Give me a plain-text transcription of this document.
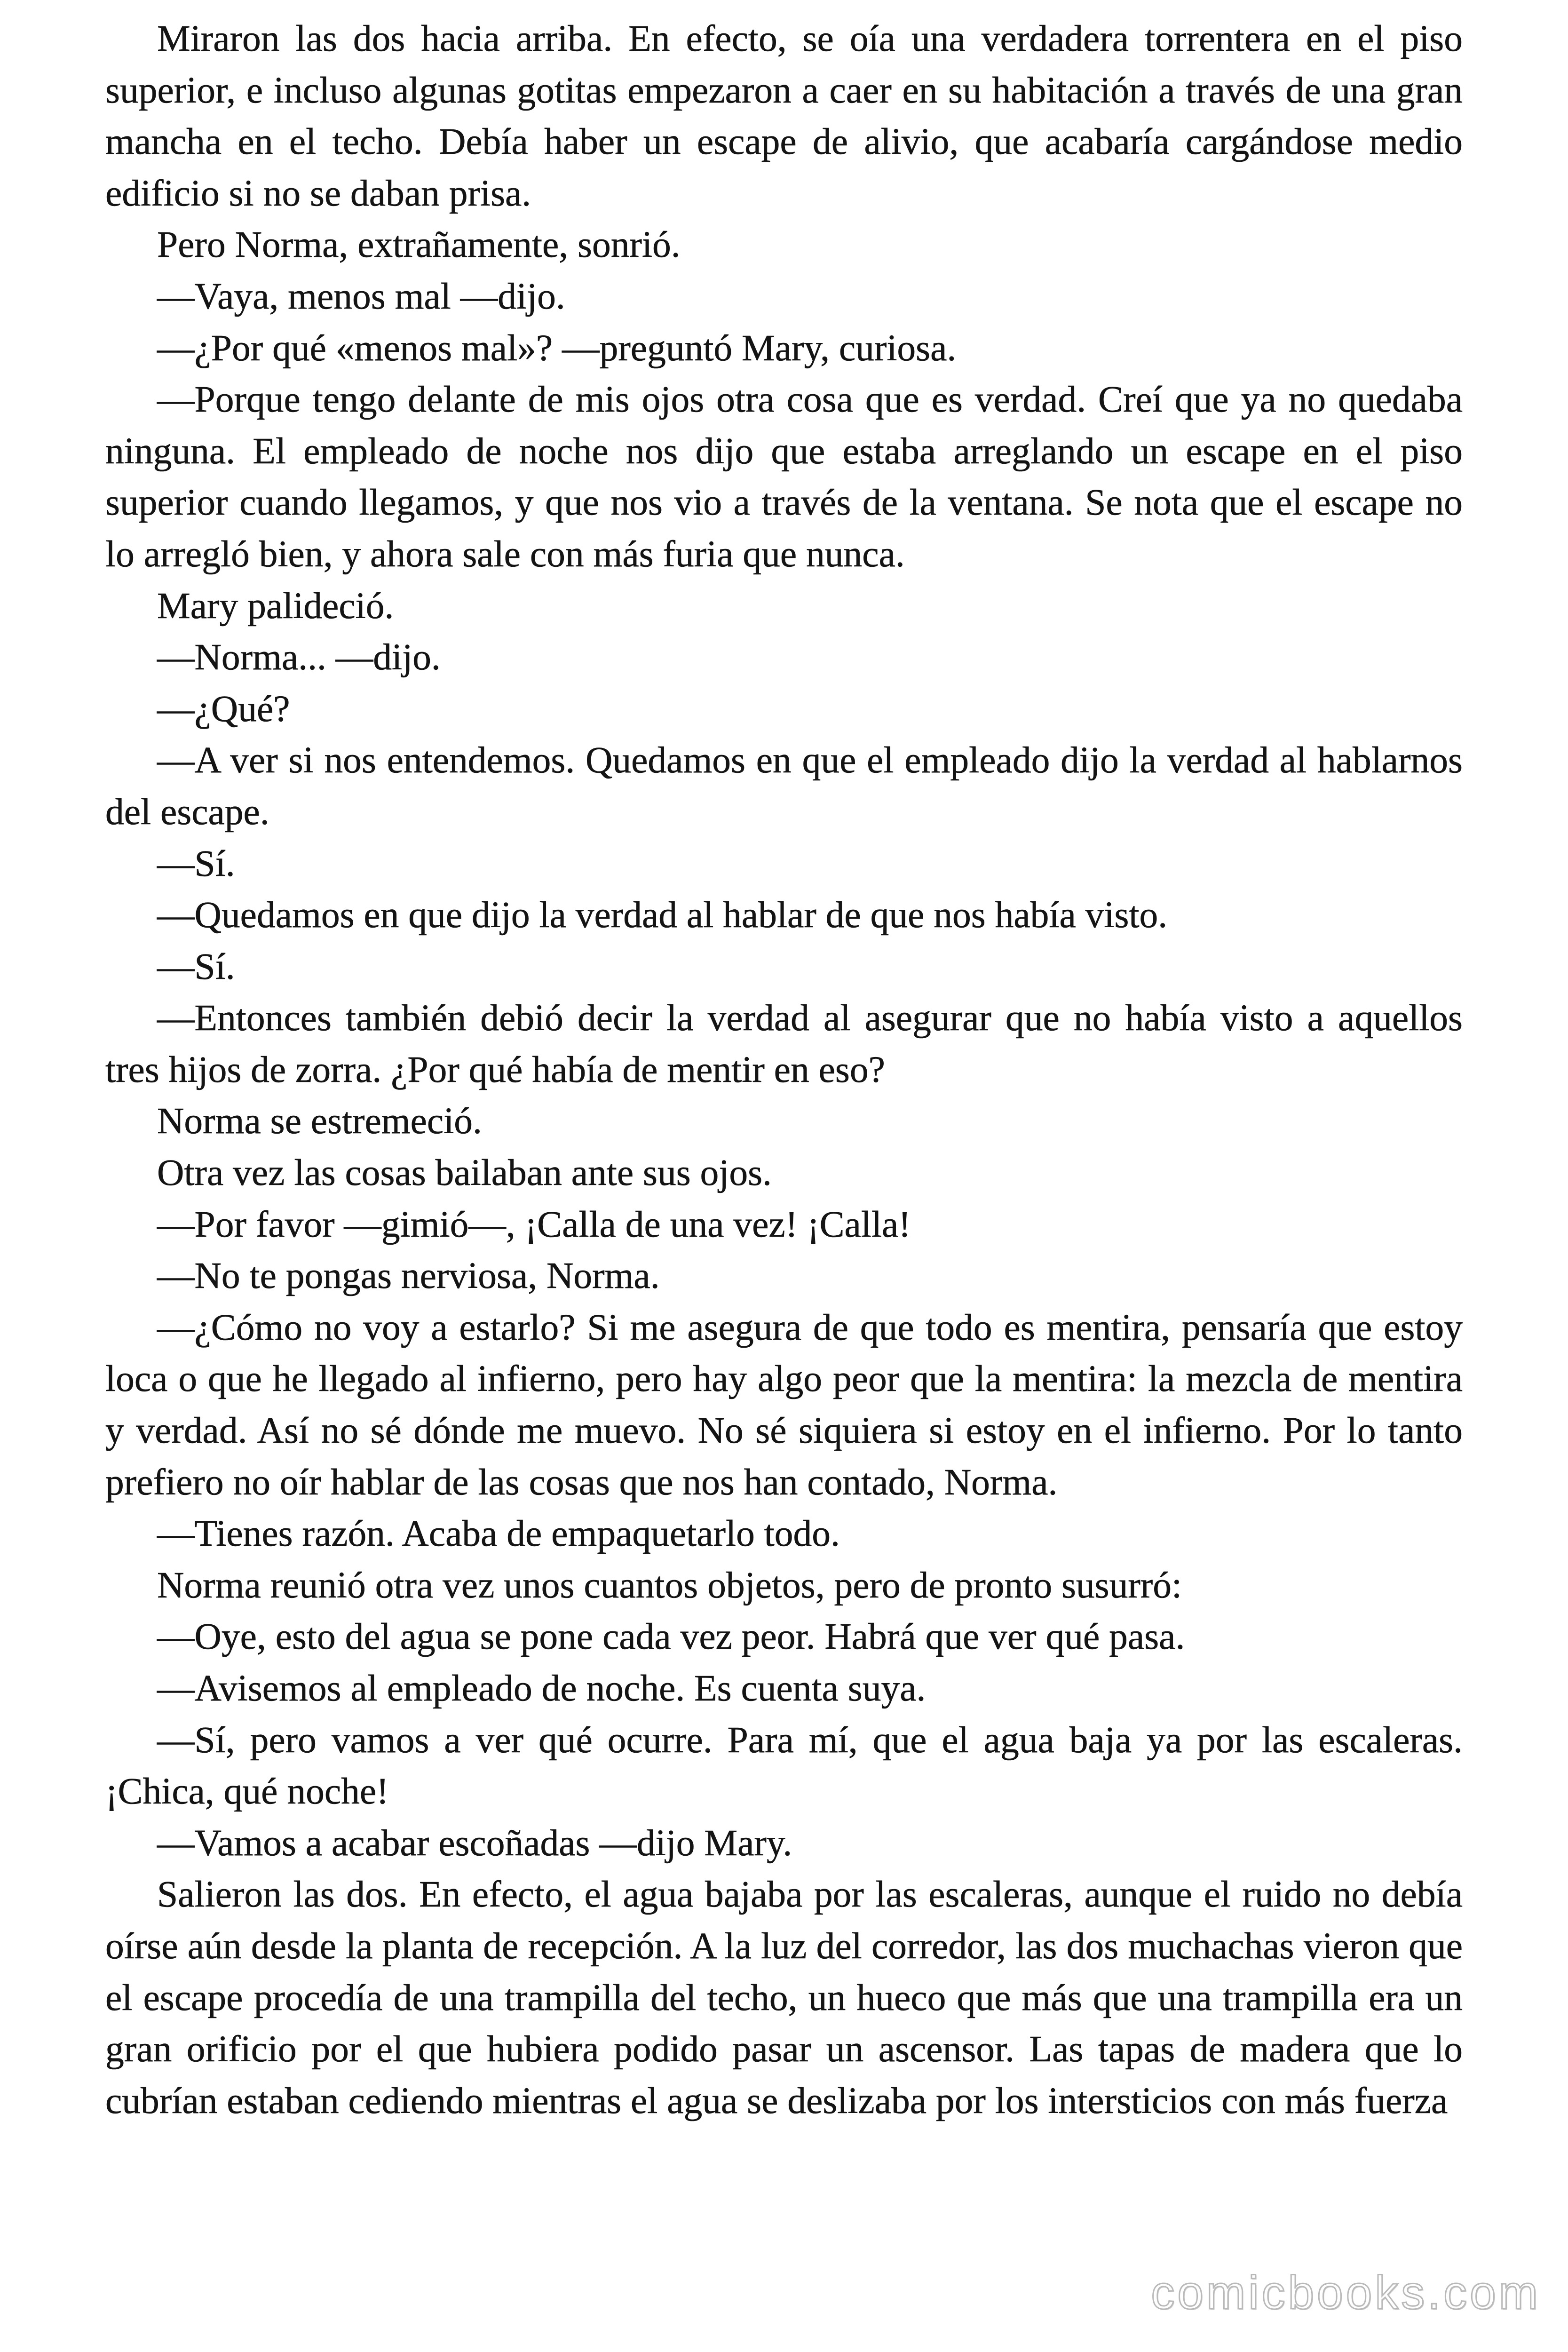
Miraron las dos hacia arriba. En efecto, se oía una verdadera torrentera en el piso superior, e incluso algunas gotitas empezaron a caer en su habitación a través de una gran mancha en el techo. Debía haber un escape de alivio, que acabaría cargándose medio edificio si no se daban prisa.

Pero Norma, extrañamente, sonrió.

—Vaya, menos mal —dijo.

—¿Por qué «menos mal»? —preguntó Mary, curiosa.

—Porque tengo delante de mis ojos otra cosa que es verdad. Creí que ya no quedaba ninguna. El empleado de noche nos dijo que estaba arreglando un escape en el piso superior cuando llegamos, y que nos vio a través de la ventana. Se nota que el escape no lo arregló bien, y ahora sale con más furia que nunca.

Mary palideció.

—Norma... —dijo.

—¿Qué?

—A ver si nos entendemos. Quedamos en que el empleado dijo la verdad al hablarnos del escape.

—Sí.

—Quedamos en que dijo la verdad al hablar de que nos había visto.

—Sí.

—Entonces también debió decir la verdad al asegurar que no había visto a aquellos tres hijos de zorra. ¿Por qué había de mentir en eso?

Norma se estremeció.

Otra vez las cosas bailaban ante sus ojos.

—Por favor —gimió—, ¡Calla de una vez! ¡Calla!

—No te pongas nerviosa, Norma.

—¿Cómo no voy a estarlo? Si me asegura de que todo es mentira, pensaría que estoy loca o que he llegado al infierno, pero hay algo peor que la mentira: la mezcla de mentira y verdad. Así no sé dónde me muevo. No sé siquiera si estoy en el infierno. Por lo tanto prefiero no oír hablar de las cosas que nos han contado, Norma.

—Tienes razón. Acaba de empaquetarlo todo.

Norma reunió otra vez unos cuantos objetos, pero de pronto susurró:

—Oye, esto del agua se pone cada vez peor. Habrá que ver qué pasa.

—Avisemos al empleado de noche. Es cuenta suya.

—Sí, pero vamos a ver qué ocurre. Para mí, que el agua baja ya por las escaleras. ¡Chica, qué noche!

—Vamos a acabar escoñadas —dijo Mary.

Salieron las dos. En efecto, el agua bajaba por las escaleras, aunque el ruido no debía oírse aún desde la planta de recepción. A la luz del corredor, las dos muchachas vieron que el escape procedía de una trampilla del techo, un hueco que más que una trampilla era un gran orificio por el que hubiera podido pasar un ascensor. Las tapas de madera que lo cubrían estaban cediendo mientras el agua se deslizaba por los intersticios con más fuerza

comicbooks.com
